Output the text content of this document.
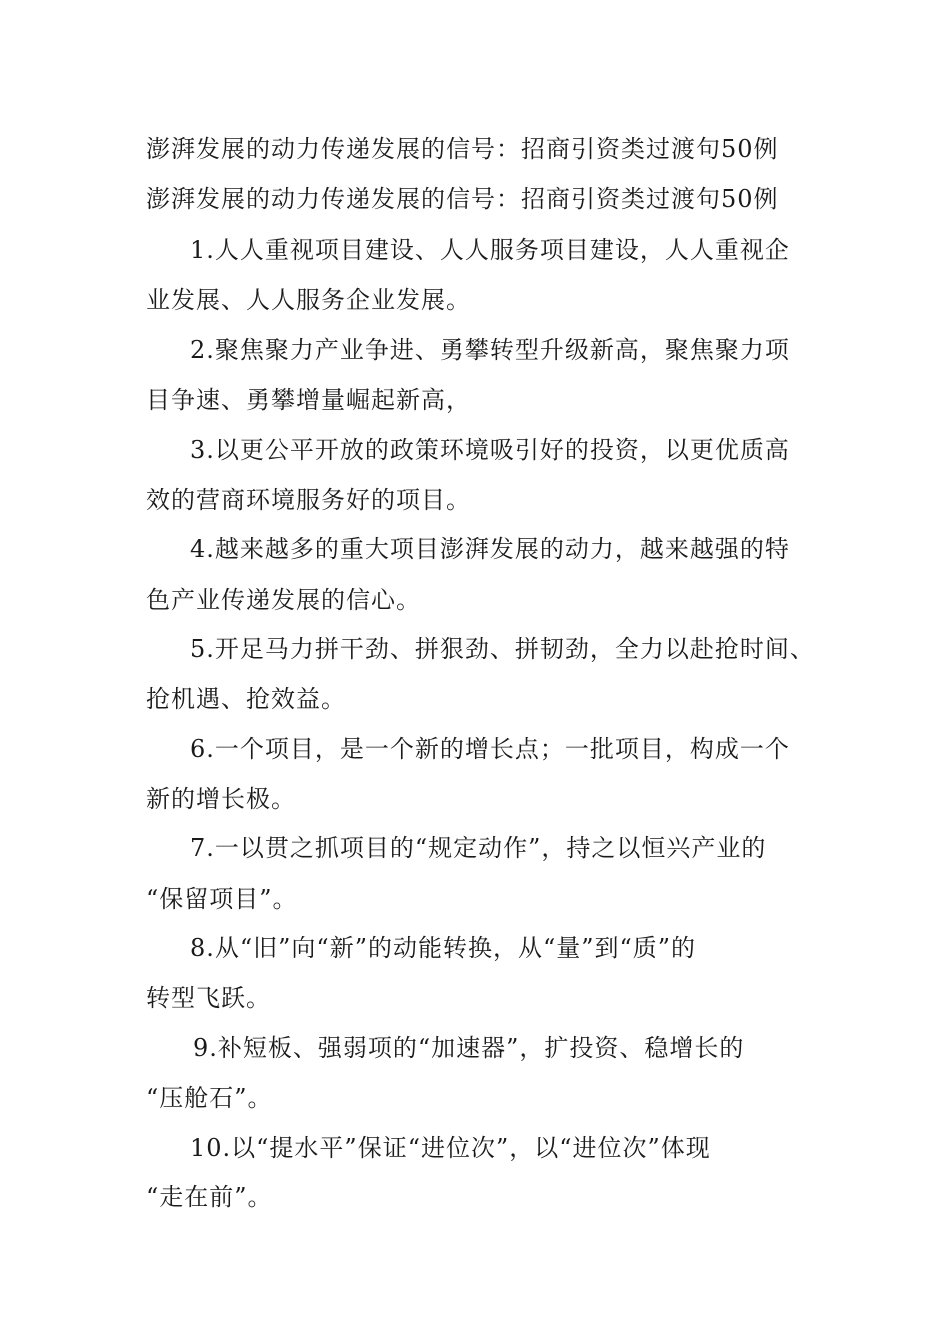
澎湃发展的动力传递发展的信号：招商引资类过渡句50例
澎湃发展的动力传递发展的信号：招商引资类过渡句50例
1.人人重视项目建设、人人服务项目建设，人人重视企
业发展、人人服务企业发展。
2.聚焦聚力产业争进、勇攀转型升级新高，聚焦聚力项
目争速、勇攀增量崛起新高，
3.以更公平开放的政策环境吸引好的投资，以更优质高
效的营商环境服务好的项目。
4.越来越多的重大项目澎湃发展的动力，越来越强的特
色产业传递发展的信心。
5.开足马力拼干劲、拼狠劲、拼韧劲，全力以赴抢时间、
抢机遇、抢效益。
6.一个项目，是一个新的增长点；一批项目，构成一个
新的增长极。
7.一以贯之抓项目的“规定动作”，持之以恒兴产业的
“保留项目”。
8.从“旧”向“新”的动能转换，从“量”到“质”的
转型飞跃。
9.补短板、强弱项的“加速器”，扩投资、稳增长的
“压舱石”。
10.以“提水平”保证“进位次”，以“进位次”体现
“走在前”。
